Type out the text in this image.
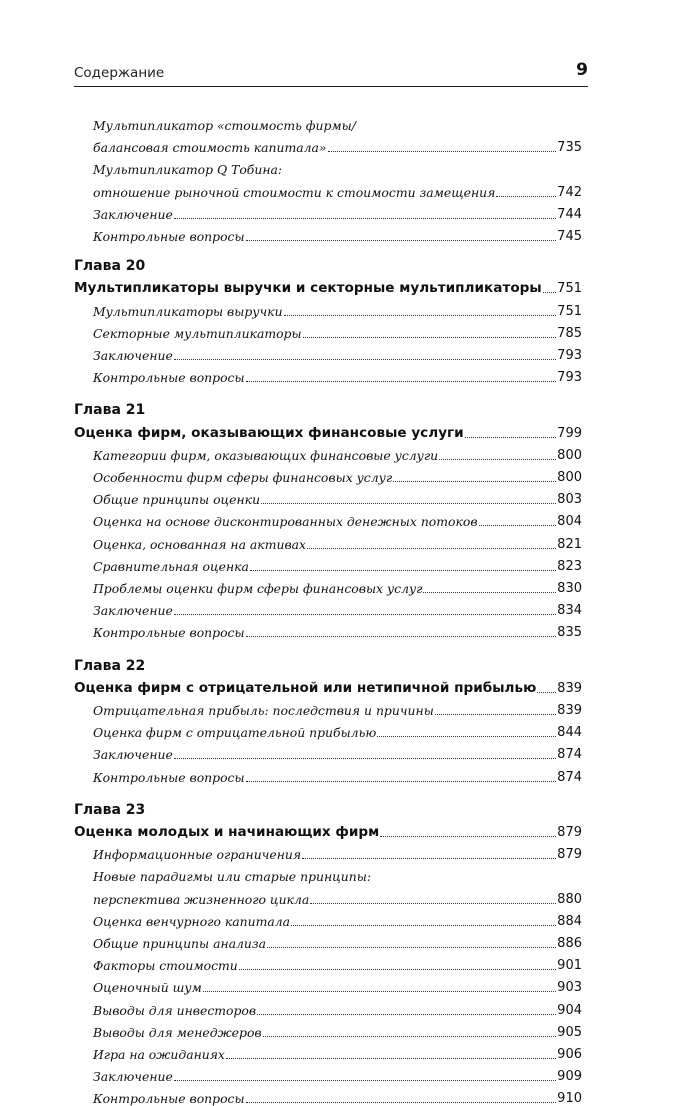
Содержание	9
Мультипликатор «стоимость фирмы/
балансовая стоимость капитала»	735
Мультипликатор Q Тобина:
отношение рыночной стоимости к стоимости замещения	742
Заключение	744
Контрольные вопросы	745
Глава 20
Мультипликаторы выручки и секторные мультипликаторы 751
Мультипликаторы выручки	751
Секторные мультипликаторы	785
Заключение	793
Контрольные вопросы	793
Глава 21
Оценка фирм, оказывающих финансовые услуги	799
Категории фирм, оказывающих финансовые услуги	800
Особенности фирм сферы финансовых услуг	800
Общие принципы оценки	803
Оценка на основе дисконтированных денежных потоков	804
Оценка, основанная на активах	821
Сравнительная оценка	823
Проблемы оценки фирм сферы финансовых услуг	830
Заключение	834
Контрольные вопросы	835
Глава 22
Оценка фирм с отрицательной или нетипичной прибылью 839
Отрицательная прибыль: последствия и причины	839
Оценка фирм с отрицательной прибылью	844
Заключение	874
Контрольные вопросы	874
Глава 23
Оценка молодых и начинающих фирм	879
Информационные ограничения	879
Новые парадигмы или старые принципы:
перспектива жизненного цикла	880
Оценка венчурного капитала	884
Общие принципы анализа	886
Факторы стоимости	901
Оценочный шум	903
Выводы для инвесторов	904
Выводы для менеджеров	905
Игра на ожиданиях	906
Заключение	909
Контрольные вопросы	910
